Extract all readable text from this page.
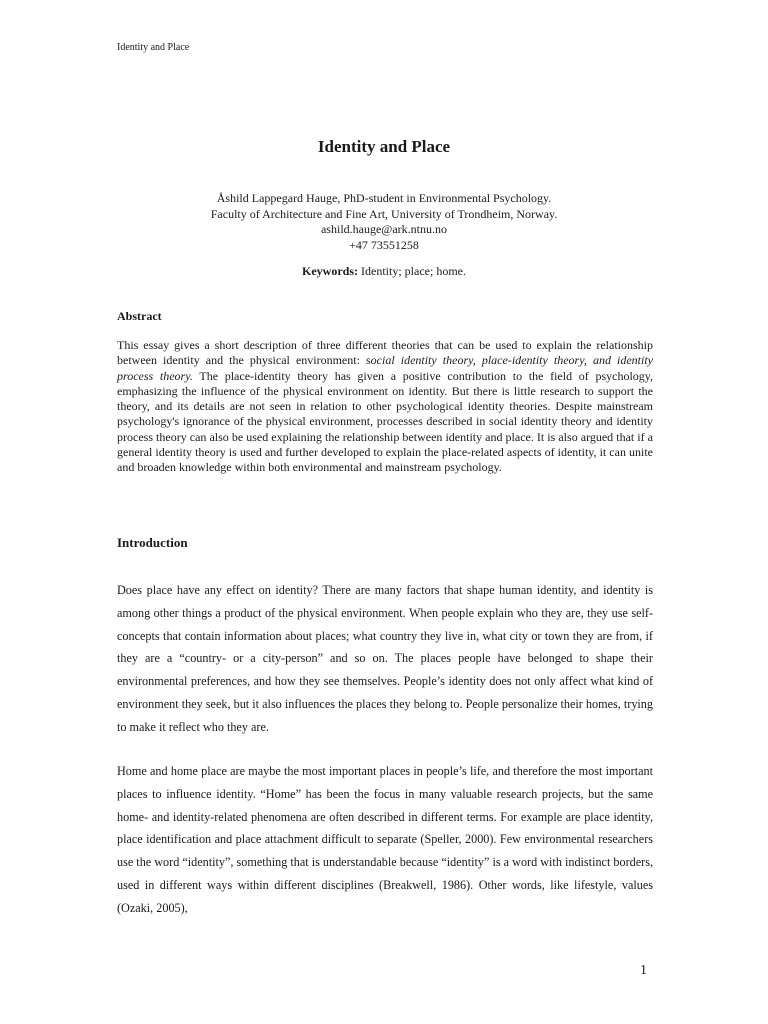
Identity and Place
Identity and Place
Åshild Lappegard Hauge, PhD-student in Environmental Psychology.
Faculty of Architecture and Fine Art, University of Trondheim, Norway.
ashild.hauge@ark.ntnu.no
+47 73551258
Keywords: Identity; place; home.
Abstract
This essay gives a short description of three different theories that can be used to explain the relationship between identity and the physical environment: social identity theory, place-identity theory, and identity process theory. The place-identity theory has given a positive contribution to the field of psychology, emphasizing the influence of the physical environment on identity. But there is little research to support the theory, and its details are not seen in relation to other psychological identity theories. Despite mainstream psychology's ignorance of the physical environment, processes described in social identity theory and identity process theory can also be used explaining the relationship between identity and place. It is also argued that if a general identity theory is used and further developed to explain the place-related aspects of identity, it can unite and broaden knowledge within both environmental and mainstream psychology.
Introduction
Does place have any effect on identity? There are many factors that shape human identity, and identity is among other things a product of the physical environment. When people explain who they are, they use self-concepts that contain information about places; what country they live in, what city or town they are from, if they are a “country- or a city-person” and so on. The places people have belonged to shape their environmental preferences, and how they see themselves. People’s identity does not only affect what kind of environment they seek, but it also influences the places they belong to. People personalize their homes, trying to make it reflect who they are.
Home and home place are maybe the most important places in people’s life, and therefore the most important places to influence identity. “Home” has been the focus in many valuable research projects, but the same home- and identity-related phenomena are often described in different terms. For example are place identity, place identification and place attachment difficult to separate (Speller, 2000). Few environmental researchers use the word “identity”, something that is understandable because “identity” is a word with indistinct borders, used in different ways within different disciplines (Breakwell, 1986). Other words, like lifestyle, values (Ozaki, 2005),
1
